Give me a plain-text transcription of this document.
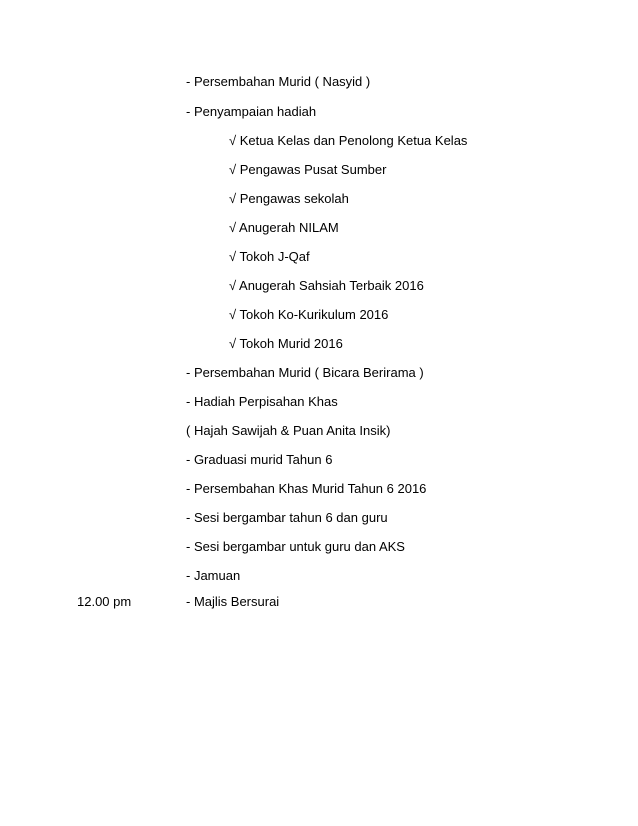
- Persembahan Murid ( Nasyid )

- Penyampaian hadiah

√ Ketua Kelas dan Penolong Ketua Kelas

√ Pengawas Pusat Sumber

√ Pengawas sekolah

√ Anugerah NILAM

√ Tokoh J-Qaf

√ Anugerah Sahsiah Terbaik 2016

√ Tokoh Ko-Kurikulum 2016

√ Tokoh Murid 2016

- Persembahan Murid ( Bicara Berirama )

- Hadiah Perpisahan Khas

( Hajah Sawijah & Puan Anita Insik)

- Graduasi murid Tahun 6

- Persembahan Khas Murid Tahun 6 2016

- Sesi bergambar tahun 6 dan guru

- Sesi bergambar untuk guru dan AKS

- Jamuan

12.00 pm	- Majlis Bersurai
